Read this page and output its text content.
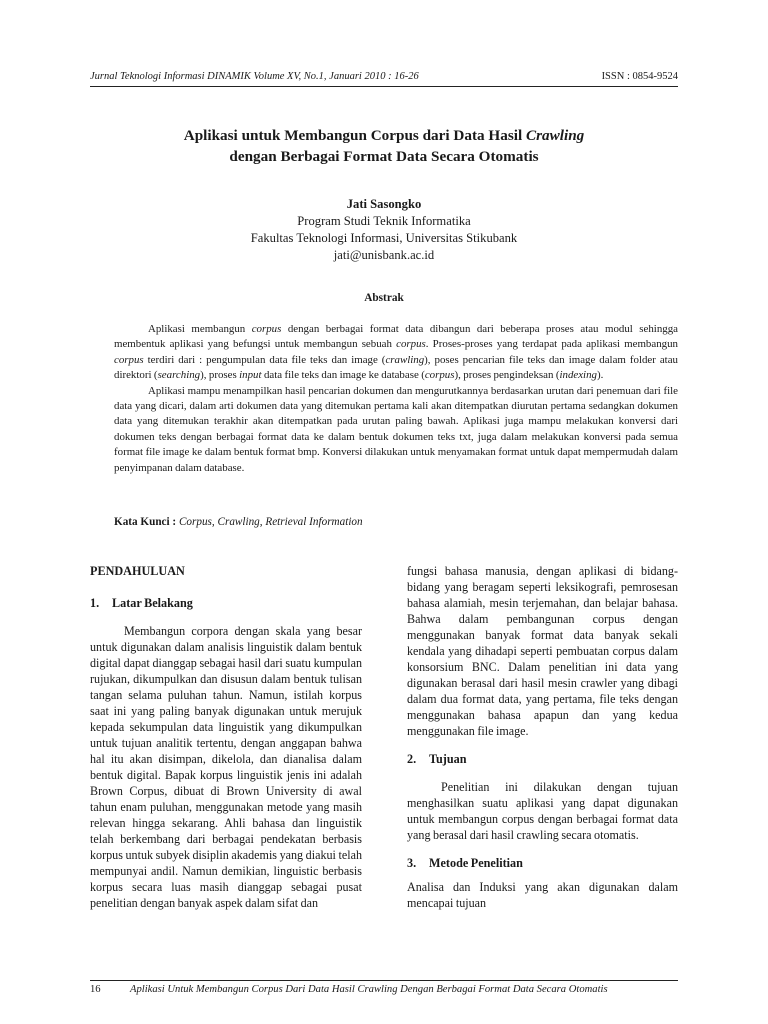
Jurnal Teknologi Informasi DINAMIK Volume XV, No.1, Januari 2010 : 16-26	ISSN : 0854-9524
Aplikasi untuk Membangun Corpus dari Data Hasil Crawling
dengan Berbagai Format Data Secara Otomatis
Jati Sasongko
Program Studi Teknik Informatika
Fakultas Teknologi Informasi, Universitas Stikubank
jati@unisbank.ac.id
Abstrak

Aplikasi membangun corpus dengan berbagai format data dibangun dari beberapa proses atau modul sehingga membentuk aplikasi yang befungsi untuk membangun sebuah corpus. Proses-proses yang terdapat pada aplikasi membangun corpus terdiri dari : pengumpulan data file teks dan image (crawling), poses pencarian file teks dan image dalam folder atau direktori (searching), proses input data file teks dan image ke database (corpus), proses pengindeksan (indexing).

Aplikasi mampu menampilkan hasil pencarian dokumen dan mengurutkannya berdasarkan urutan dari penemuan dari file data yang dicari, dalam arti dokumen data yang ditemukan pertama kali akan ditempatkan diurutan pertama sedangkan dokumen data yang ditemukan terakhir akan ditempatkan pada urutan paling bawah. Aplikasi juga mampu melakukan konversi dari dokumen teks dengan berbagai format data ke dalam bentuk dokumen teks txt, juga dalam melakukan konversi pada semua format file image ke dalam bentuk format bmp. Konversi dilakukan untuk menyamakan format untuk dapat mempermudah dalam penyimpanan dalam database.

Kata Kunci : Corpus, Crawling, Retrieval Information
PENDAHULUAN
1. Latar Belakang

Membangun corpora dengan skala yang besar untuk digunakan dalam analisis linguistik dalam bentuk digital dapat dianggap sebagai hasil dari suatu kumpulan rujukan, dikumpulkan dan disusun dalam bentuk tulisan tangan selama puluhan tahun. Namun, istilah korpus saat ini yang paling banyak digunakan untuk merujuk kepada sekumpulan data linguistik yang dikumpulkan untuk tujuan analitik tertentu, dengan anggapan bahwa hal itu akan disimpan, dikelola, dan dianalisa dalam bentuk digital. Bapak korpus linguistik jenis ini adalah Brown Corpus, dibuat di Brown University di awal tahun enam puluhan, menggunakan metode yang masih relevan hingga sekarang. Ahli bahasa dan linguistik telah berkembang dari berbagai pendekatan berbasis korpus untuk subyek disiplin akademis yang diakui telah mempunyai andil. Namun demikian, linguistic berbasis korpus secara luas masih dianggap sebagai pusat penelitian dengan banyak aspek dalam sifat dan

fungsi bahasa manusia, dengan aplikasi di bidang-bidang yang beragam seperti leksikografi, pemrosesan bahasa alamiah, mesin terjemahan, dan belajar bahasa. Bahwa dalam pembangunan corpus dengan menggunakan banyak format data banyak sekali kendala yang dihadapi seperti pembuatan corpus dalam konsorsium BNC. Dalam penelitian ini data yang digunakan berasal dari hasil mesin crawler yang dibagi dalam dua format data, yang pertama, file teks dengan menggunakan bahasa apapun dan yang kedua menggunakan file image.

2. Tujuan

Penelitian ini dilakukan dengan tujuan menghasilkan suatu aplikasi yang dapat digunakan untuk membangun corpus dengan berbagai format data yang berasal dari hasil crawling secara otomatis.

3. Metode Penelitian

Analisa dan Induksi yang akan digunakan dalam mencapai tujuan

16	Aplikasi Untuk Membangun Corpus Dari Data Hasil Crawling Dengan Berbagai Format Data Secara Otomatis
